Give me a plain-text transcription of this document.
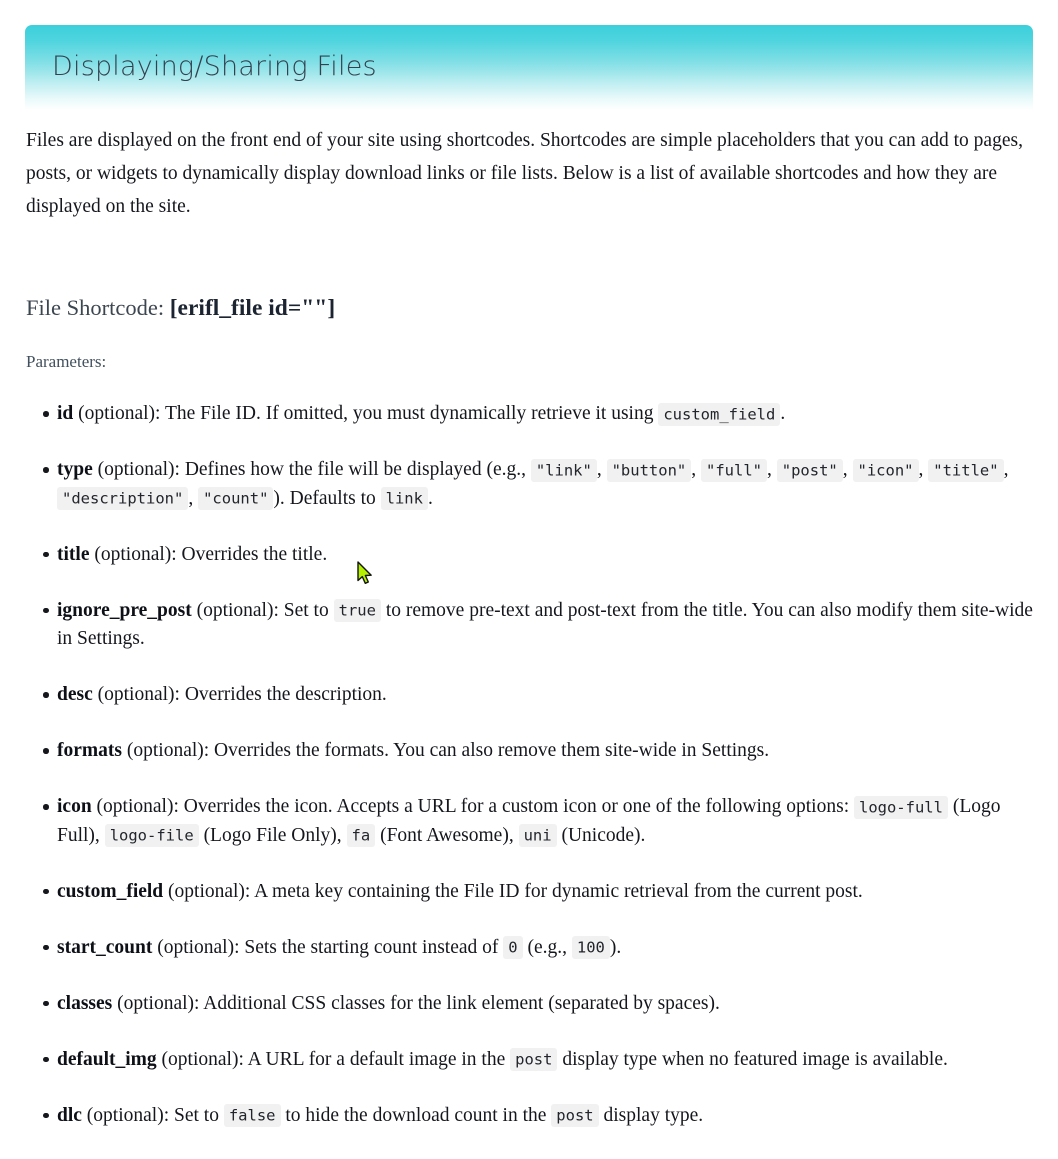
Displaying/Sharing Files

Files are displayed on the front end of your site using shortcodes. Shortcodes are simple placeholders that you can add to pages, posts, or widgets to dynamically display download links or file lists. Below is a list of available shortcodes and how they are displayed on the site.

File Shortcode: [erifl_file id=""]
Parameters:
id (optional): The File ID. If omitted, you must dynamically retrieve it using custom_field .
type (optional): Defines how the file will be displayed (e.g., "link" , "button" , "full" , "post" , "icon" , "title" , "description" , "count" ). Defaults to link .
title (optional): Overrides the title.
ignore_pre_post (optional): Set to true to remove pre-text and post-text from the title. You can also modify them site-wide in Settings.
desc (optional): Overrides the description.
formats (optional): Overrides the formats. You can also remove them site-wide in Settings.
icon (optional): Overrides the icon. Accepts a URL for a custom icon or one of the following options: logo-full (Logo Full), logo-file (Logo File Only), fa (Font Awesome), uni (Unicode).
custom_field (optional): A meta key containing the File ID for dynamic retrieval from the current post.
start_count (optional): Sets the starting count instead of 0 (e.g., 100 ).
classes (optional): Additional CSS classes for the link element (separated by spaces).
default_img (optional): A URL for a default image in the post display type when no featured image is available.
dlc (optional): Set to false to hide the download count in the post display type.
